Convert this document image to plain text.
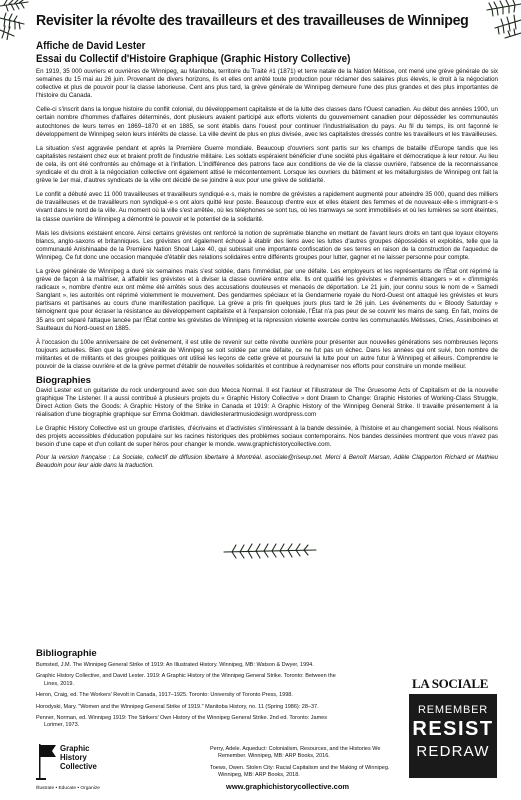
Revisiter la révolte des travailleurs et des travailleuses de Winnipeg
Affiche de David Lester
Essai du Collectif d'Histoire Graphique (Graphic History Collective)

En 1919, 35 000 ouvriers et ouvrières de Winnipeg, au Manitoba, territoire du Traité #1 (1871) et terre natale de la Nation Métisse, ont mené une grève générale de six semaines du 15 mai au 26 juin. Provenant de divers horizons, ils et elles ont arrêté toute production pour réclamer des salaires plus élevés, le droit à la négociation collective et plus de pouvoir pour la classe laborieuse. Cent ans plus tard, la grève générale de Winnipeg demeure l'une des plus grandes et des plus importantes de l'histoire du Canada.

Celle-ci s'inscrit dans la longue histoire du conflit colonial, du développement capitaliste et de la lutte des classes dans l'Ouest canadien. Au début des années 1900, un certain nombre d'hommes d'affaires déterminés, dont plusieurs avaient participé aux efforts violents du gouvernement canadien pour déposséder les communautés autochtones de leurs terres en 1869–1870 et en 1885, se sont établis dans l'ouest pour continuer l'industrialisation du pays. Au fil du temps, ils ont façonné le développement de Winnipeg selon leurs intérêts de classe. La ville devint de plus en plus divisée, avec les capitalistes dressés contre les travailleurs et les travailleuses.

La situation s'est aggravée pendant et après la Première Guerre mondiale. Beaucoup d'ouvriers sont partis sur les champs de bataille d'Europe tandis que les capitalistes restaient chez eux et braient profit de l'industrie militaire. Les soldats espéraient bénéficier d'une société plus égalitaire et démocratique à leur retour. Au lieu de cela, ils ont été confrontés au chômage et à l'inflation. L'indifférence des patrons face aux conditions de vie de la classe ouvrière, l'absence de la reconnaissance syndicale et du droit à la négociation collective ont également attisé le mécontentement. Lorsque les ouvriers du bâtiment et les métallurgistes de Winnipeg ont fait la grève le 1er mai, d'autres syndicats de la ville ont décidé de se joindre à eux pour une grève de solidarité.

Le conflit a débuté avec 11 000 travailleuses et travailleurs syndiqué·e·s, mais le nombre de grévistes a rapidement augmenté pour atteindre 35 000, quand des milliers de travailleuses et de travailleurs non syndiqué·e·s ont alors quitté leur poste. Beaucoup d'entre eux et elles étaient des femmes et de nouveaux·elle·s immigrant·e·s vivant dans le nord de la ville. Au moment où la ville s'est arrêtée, où les téléphones se sont tus, où les tramways se sont immobilisés et où les lumières se sont éteintes, la classe ouvrière de Winnipeg a démontré le pouvoir et le potentiel de la solidarité.

Mais les divisions existaient encore. Ainsi certains grévistes ont renforcé la notion de suprématie blanche en mettant de l'avant leurs droits en tant que loyaux citoyens blancs, anglo-saxons et britanniques. Les grévistes ont également échoué à établir des liens avec les luttes d'autres groupes dépossédés et exploités, telle que la communauté Anishinaabe de la Première Nation Shoal Lake 40, qui subissait une importante confiscation de ses terres en raison de la construction de l'aqueduc de Winnipeg. Ce fut donc une occasion manquée d'établir des relations solidaires entre différents groupes pour lutter, gagner et ne laisser personne pour compte.

La grève générale de Winnipeg a duré six semaines mais s'est soldée, dans l'immédiat, par une défaite. Les employeurs et les représentants de l'État ont réprimé la grève de façon à la maîtriser, à affaiblir les grévistes et à diviser la classe ouvrière entre elle. Ils ont qualifié les grévistes « d'ennemis étrangers » et « d'immigrés radicaux », nombre d'entre eux ont même été arrêtés sous des accusations douteuses et menacés de déportation. Le 21 juin, jour connu sous le nom de « Samedi Sanglant », les autorités ont réprimé violemment le mouvement. Des gendarmes spéciaux et la Gendarmerie royale du Nord-Ouest ont attaqué les grévistes et leurs partisans et partisanes au cours d'une manifestation pacifique. La grève a pris fin quelques jours plus tard le 26 juin. Les événements du « Bloody Saturday » témoignent que pour écraser la résistance au développement capitaliste et à l'expansion coloniale, l'État n'a pas peur de se couvrir les mains de sang. En fait, moins de 35 ans ont séparé l'attaque lancée par l'État contre les grévistes de Winnipeg et la répression violente exercée contre les communautés Métisses, Cries, Assiniboines et Saulteaux du Nord-ouest en 1885.

À l'occasion du 100e anniversaire de cet événement, il est utile de revenir sur cette révolte ouvrière pour présenter aux nouvelles générations ses nombreuses leçons toujours actuelles. Bien que la grève générale de Winnipeg se soit soldée par une défaite, ce ne fut pas un échec. Dans les années qui ont suivi, bon nombre de militantes et de militants et des groupes politiques ont utilisé les leçons de cette grève et poursuivi la lutte pour un autre futur à Winnipeg et ailleurs. Comprendre le pouvoir de la classe ouvrière et de la grève permet d'établir de nouvelles solidarités et contribue à redynamiser nos efforts pour construire un monde meilleur.

Biographies

David Lester est un guitariste du rock underground avec son duo Mecca Normal. Il est l'auteur et l'illustrateur de The Gruesome Acts of Capitalism et de la nouvelle graphique The Listener. Il a aussi contribué à plusieurs projets du « Graphic History Collective » dont Drawn to Change: Graphic Histories of Working-Class Struggle, Direct Action Gets the Goods: A Graphic History of the Strike in Canada et 1919: A Graphic History of the Winnipeg General Strike. Il travaille présentement à la réalisation d'une biographie graphique sur Emma Goldman. davidlesterartmusicdesign.wordpress.com

Le Graphic History Collective est un groupe d'artistes, d'écrivains et d'activistes s'intéressant à la bande dessinée, à l'histoire et au changement social. Nous réalisons des projets accessibles d'éducation populaire sur les racines historiques des problèmes sociaux contemporains. Nos bandes dessinées montrent que vous n'avez pas besoin d'une cape et d'un collant de super héros pour changer le monde. www.graphichistorycollective.com.

Pour la version française : La Sociale, collectif de diffusion libertaire à Montréal. asociale@riseup.net. Merci à Benoît Marsan, Adèle Clapperton Richard et Mathieu Beaudoin pour leur aide dans la traduction.
Bibliographie
Bumsted, J.M. The Winnipeg General Strike of 1919: An Illustrated History. Winnipeg, MB: Watson & Dwyer, 1994.
Graphic History Collective, and David Lester. 1919: A Graphic History of the Winnipeg General Strike. Toronto: Between the Lines, 2019.
Heron, Craig, ed. The Workers' Revolt in Canada, 1917–1925. Toronto: University of Toronto Press, 1998.
Horodyski, Mary. "Women and the Winnipeg General Strike of 1919." Manitoba History, no. 11 (Spring 1986): 28–37.
Penner, Norman, ed. Winnipeg 1919: The Strikers' Own History of the Winnipeg General Strike. 2nd ed. Toronto: James Lorimer, 1973.
Perry, Adele. Aqueduct: Colonialism, Resources, and the Histories We Remember. Winnipeg, MB: ARP Books, 2016.
Toews, Owen. Stolen City: Racial Capitalism and the Making of Winnipeg. Winnipeg, MB: ARP Books, 2018.
LA SOCIALE
REMEMBER
RESIST
REDRAW
Graphic
History
Collective
Illustrate • Educate • Organize	www.graphichistorycollective.com
